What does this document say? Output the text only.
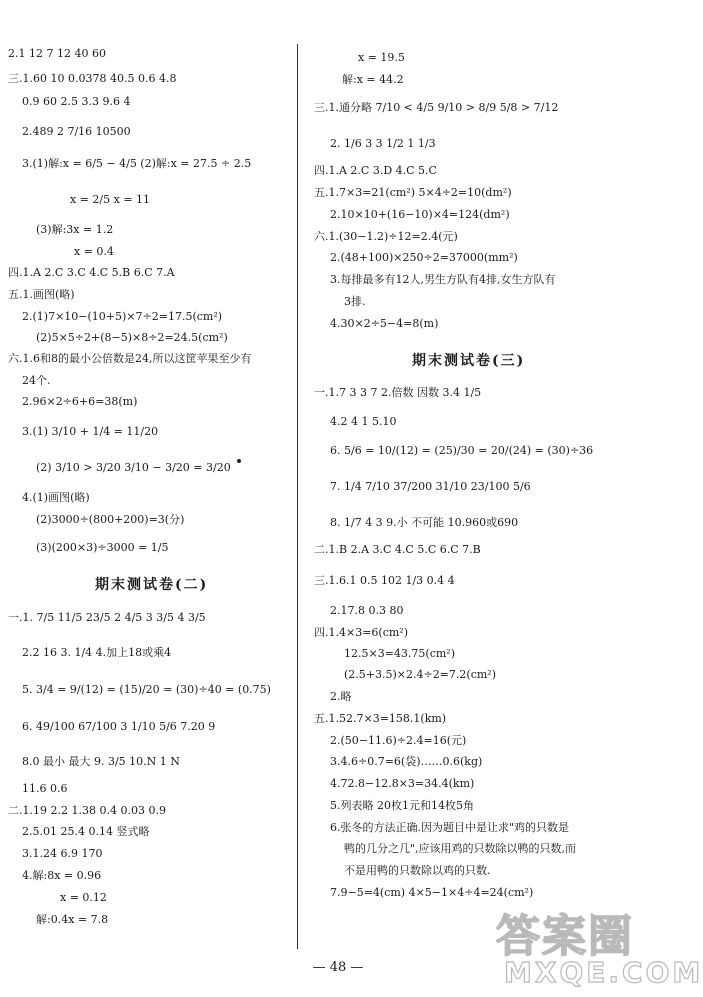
2.1 12 7 12 40 60
三.1.60 10 0.0378 40.5 0.6 4.8
0.9 60 2.5 3.3 9.6 4
2.489 2 7/16 10500
3.(1)解:x = 6/5 − 4/5 (2)解:x = 27.5 ÷ 2.5
x = 2/5 x = 11
(3)解:3x = 1.2
x = 0.4
四.1.A 2.C 3.C 4.C 5.B 6.C 7.A
五.1.画图(略)
2.(1)7×10−(10+5)×7÷2=17.5(cm²)
(2)5×5÷2+(8−5)×8÷2=24.5(cm²)
六.1.6和8的最小公倍数是24,所以这筐苹果至少有
24个.
2.96×2÷6+6=38(m)
3.(1) 3/10 + 1/4 = 11/20
(2) 3/10 > 3/20 3/10 − 3/20 = 3/20
4.(1)画图(略)
(2)3000÷(800+200)=3(分)
(3)(200×3)÷3000 = 1/5
期末测试卷(二)
一.1. 7/5 11/5 23/5 2 4/5 3 3/5 4 3/5
2.2 16 3. 1/4 4.加上18或乘4
5. 3/4 = 9/(12) = (15)/20 = (30)÷40 = (0.75)
6. 49/100 67/100 3 1/10 5/6 7.20 9
8.0 最小 最大 9. 3/5 10.N 1 N
11.6 0.6
二.1.19 2.2 1.38 0.4 0.03 0.9
2.5.01 25.4 0.14 竖式略
3.1.24 6.9 170
4.解:8x = 0.96
x = 0.12
解:0.4x = 7.8
x = 19.5
解:x = 44.2
三.1.通分略 7/10 < 4/5 9/10 > 8/9 5/8 > 7/12
2. 1/6 3 3 1/2 1 1/3
四.1.A 2.C 3.D 4.C 5.C
五.1.7×3=21(cm²) 5×4÷2=10(dm²)
2.10×10+(16−10)×4=124(dm²)
六.1.(30−1.2)÷12=2.4(元)
2.(48+100)×250÷2=37000(mm²)
3.每排最多有12人,男生方队有4排,女生方队有
3排.
4.30×2÷5−4=8(m)
期末测试卷(三)
一.1.7 3 3 7 2.倍数 因数 3.4 1/5
4.2 4 1 5.10
6. 5/6 = 10/(12) = (25)/30 = 20/(24) = (30)÷36
7. 1/4 7/10 37/200 31/10 23/100 5/6
8. 1/7 4 3 9.小 不可能 10.960或690
二.1.B 2.A 3.C 4.C 5.C 6.C 7.B
三.1.6.1 0.5 102 1/3 0.4 4
2.17.8 0.3 80
四.1.4×3=6(cm²)
12.5×3=43.75(cm²)
(2.5+3.5)×2.4÷2=7.2(cm²)
2.略
五.1.52.7×3=158.1(km)
2.(50−11.6)÷2.4=16(元)
3.4.6÷0.7=6(袋)……0.6(kg)
4.72.8−12.8×3=34.4(km)
5.列表略 20枚1元和14枚5角
6.张冬的方法正确.因为题目中是让求"鸡的只数是
鸭的几分之几",应该用鸡的只数除以鸭的只数,而
不是用鸭的只数除以鸡的只数.
7.9−5=4(cm) 4×5−1×4÷4=24(cm²)
— 48 —
答案圈
MXQE.COM
